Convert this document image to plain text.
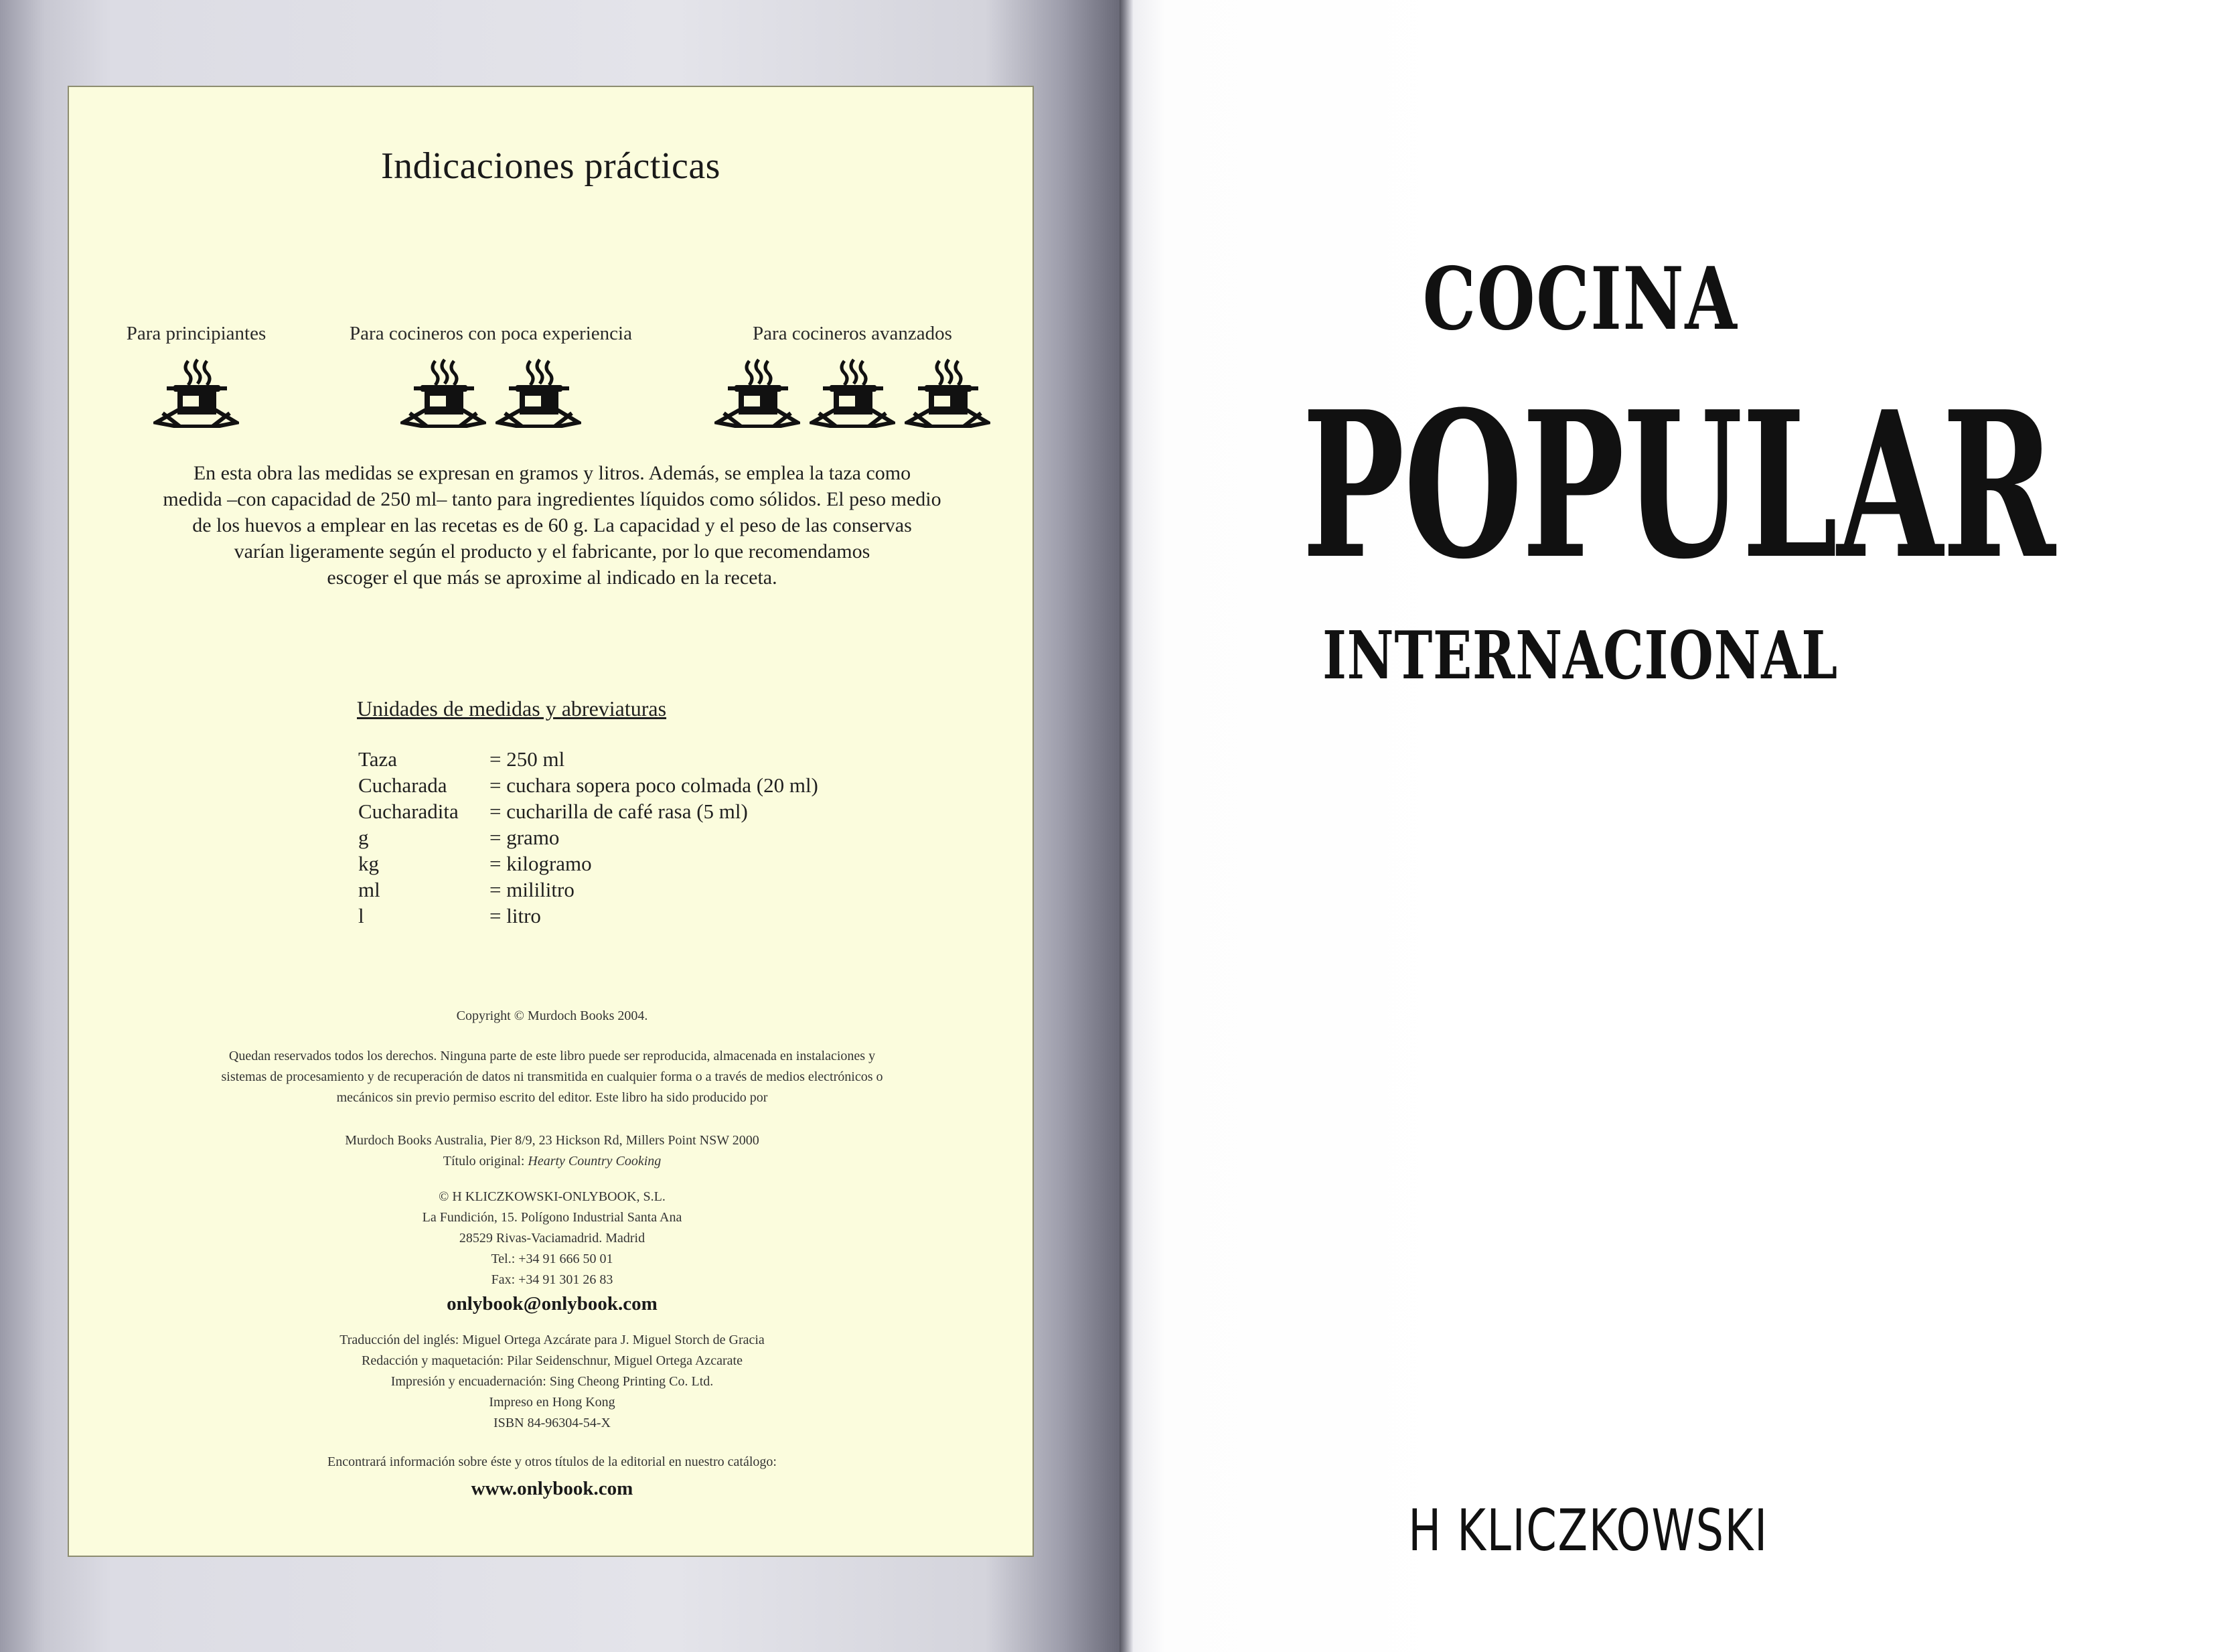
Indicaciones prácticas
Para principiantes	Para cocineros con poca experiencia	Para cocineros avanzados
En esta obra las medidas se expresan en gramos y litros. Además, se emplea la taza como
medida –con capacidad de 250 ml– tanto para ingredientes líquidos como sólidos. El peso medio
de los huevos a emplear en las recetas es de 60 g. La capacidad y el peso de las conservas
varían ligeramente según el producto y el fabricante, por lo que recomendamos
escoger el que más se aproxime al indicado en la receta.
Unidades de medidas y abreviaturas
Taza	= 250 ml
Cucharada	= cuchara sopera poco colmada (20 ml)
Cucharadita	= cucharilla de café rasa (5 ml)
g	= gramo
kg	= kilogramo
ml	= mililitro
l	= litro
Copyright © Murdoch Books 2004.
Quedan reservados todos los derechos. Ninguna parte de este libro puede ser reproducida, almacenada en instalaciones y
sistemas de procesamiento y de recuperación de datos ni transmitida en cualquier forma o a través de medios electrónicos o
mecánicos sin previo permiso escrito del editor. Este libro ha sido producido por
Murdoch Books Australia, Pier 8/9, 23 Hickson Rd, Millers Point NSW 2000
Título original: Hearty Country Cooking
© H KLICZKOWSKI-ONLYBOOK, S.L.
La Fundición, 15. Polígono Industrial Santa Ana
28529 Rivas-Vaciamadrid. Madrid
Tel.: +34 91 666 50 01
Fax: +34 91 301 26 83
onlybook@onlybook.com
Traducción del inglés: Miguel Ortega Azcárate para J. Miguel Storch de Gracia
Redacción y maquetación: Pilar Seidenschnur, Miguel Ortega Azcarate
Impresión y encuadernación: Sing Cheong Printing Co. Ltd.
Impreso en Hong Kong
ISBN 84-96304-54-X
Encontrará información sobre éste y otros títulos de la editorial en nuestro catálogo:
www.onlybook.com
COCINA
POPULAR
INTERNACIONAL
H KLICZKOWSKI
